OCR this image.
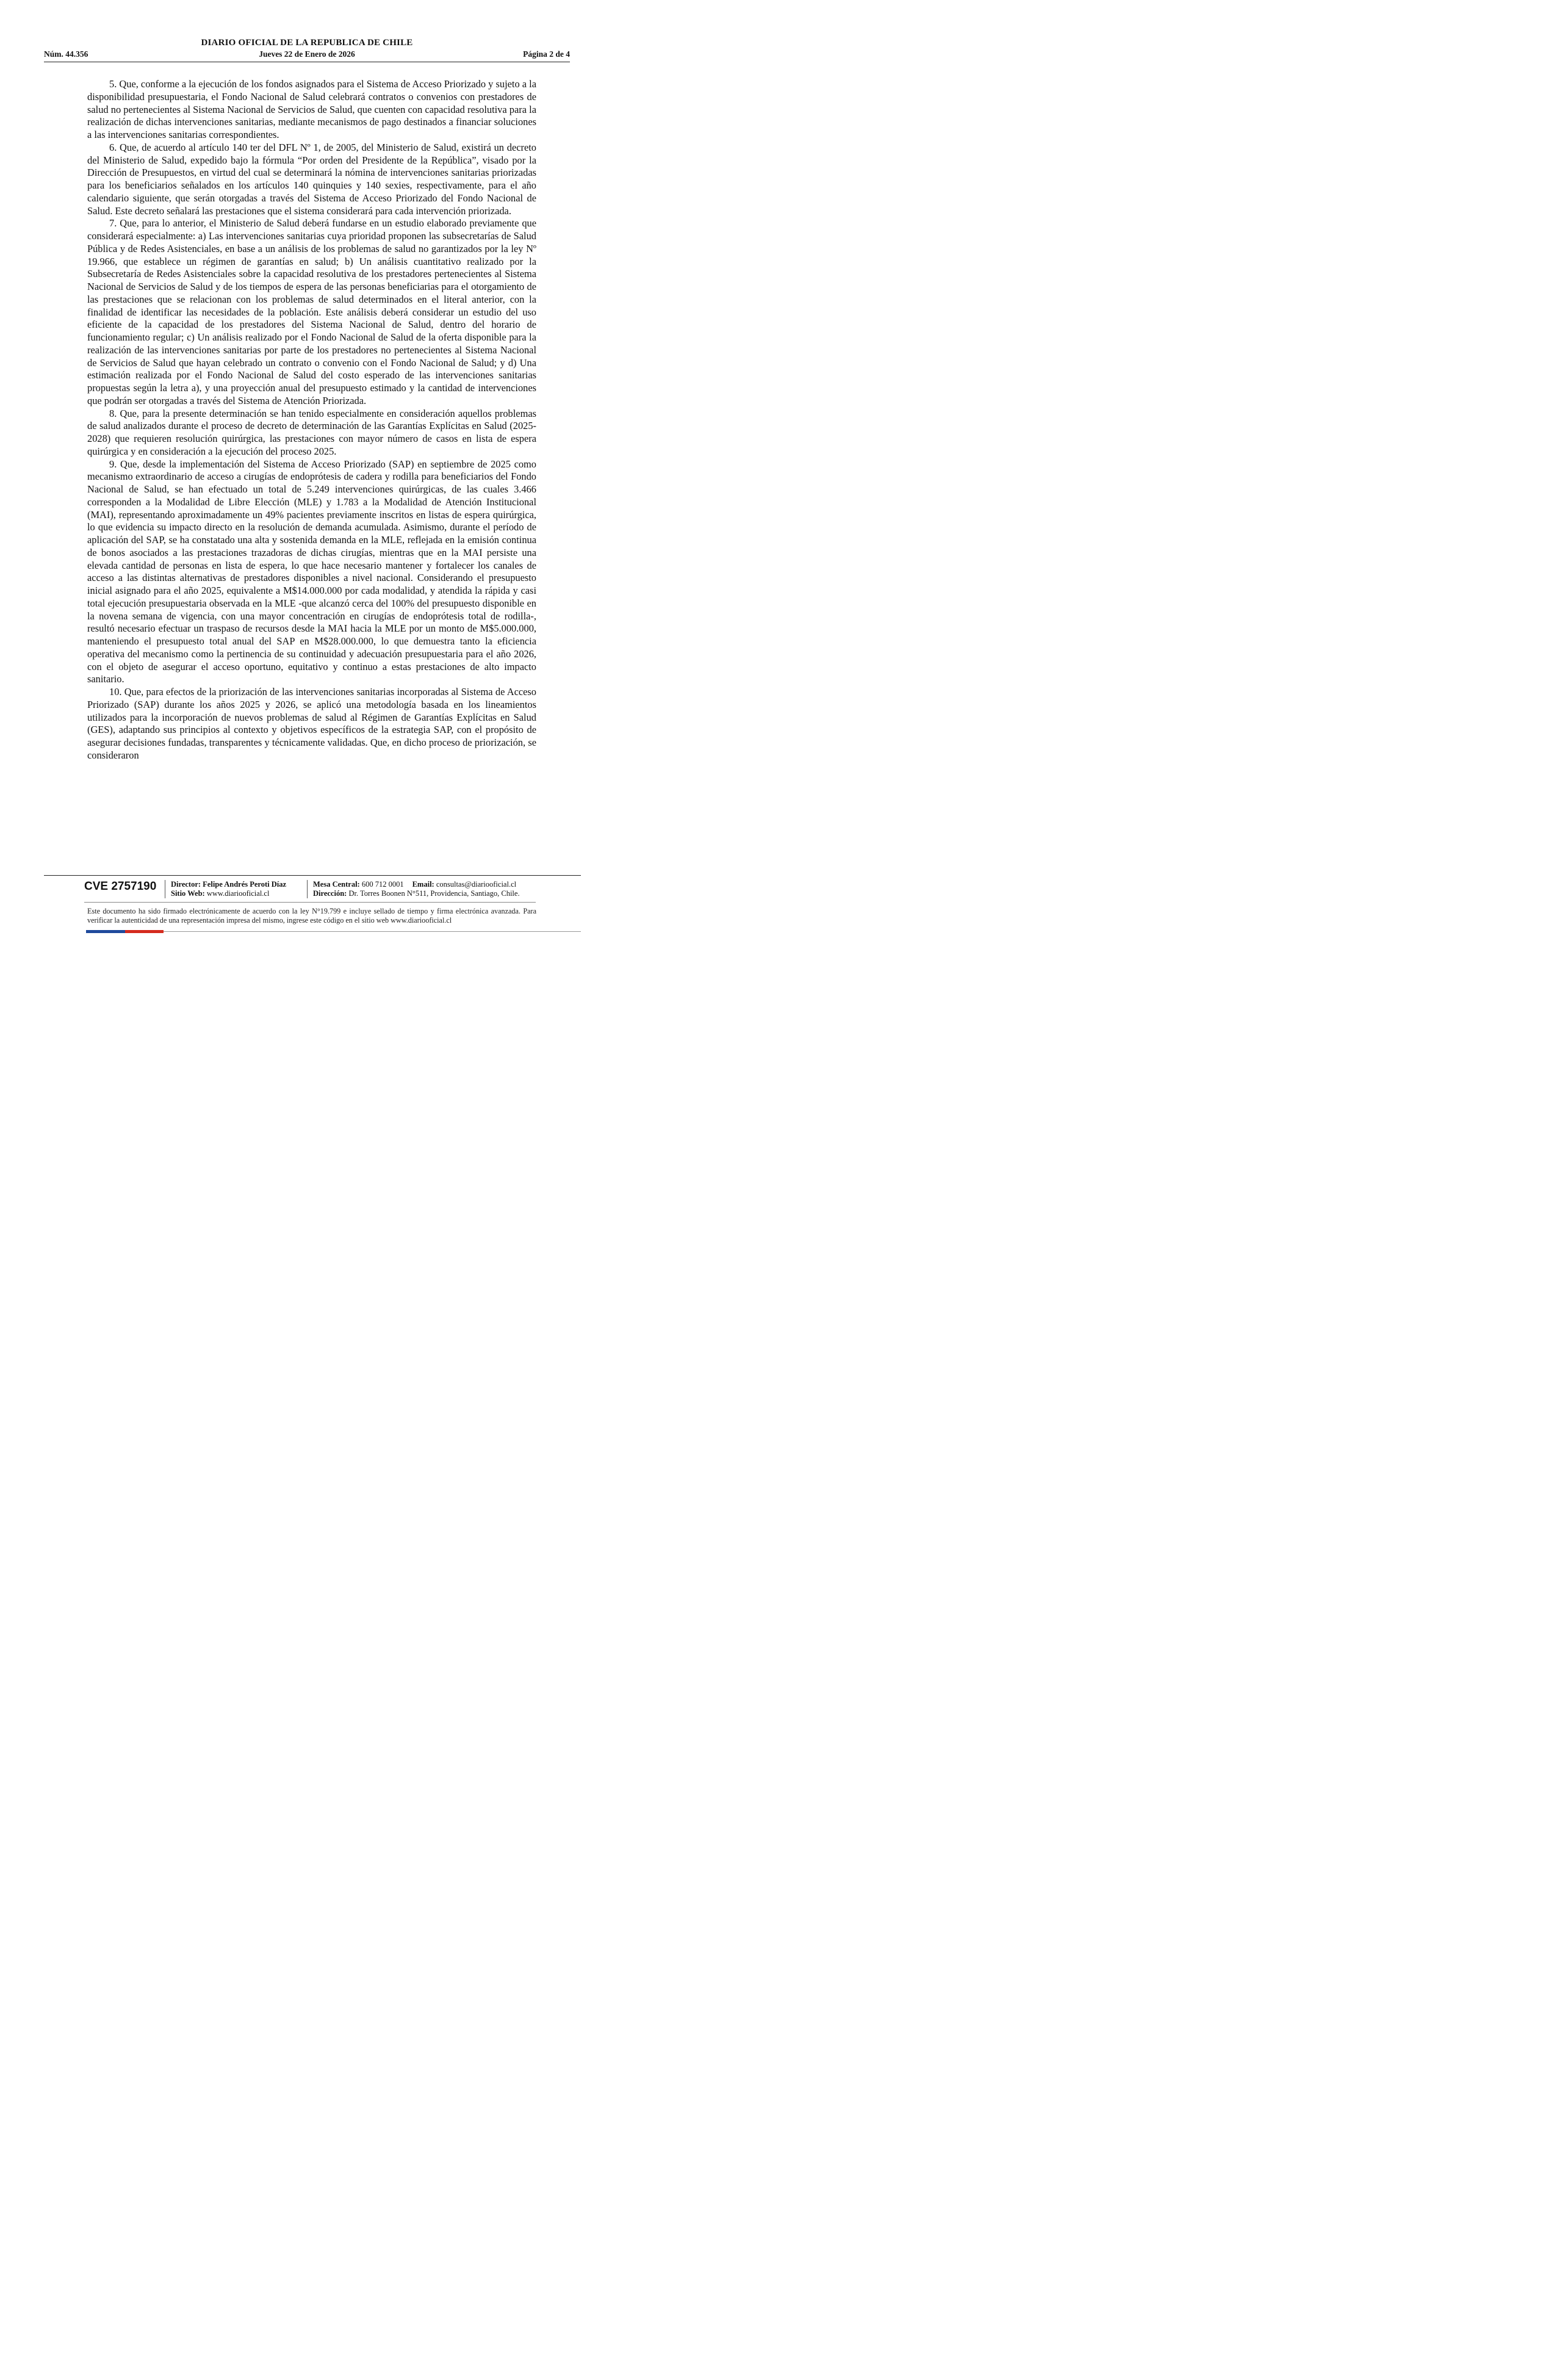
DIARIO OFICIAL DE LA REPUBLICA DE CHILE
Núm. 44.356	Jueves 22 de Enero de 2026	Página 2 de 4

5. Que, conforme a la ejecución de los fondos asignados para el Sistema de Acceso Priorizado y sujeto a la disponibilidad presupuestaria, el Fondo Nacional de Salud celebrará contratos o convenios con prestadores de salud no pertenecientes al Sistema Nacional de Servicios de Salud, que cuenten con capacidad resolutiva para la realización de dichas intervenciones sanitarias, mediante mecanismos de pago destinados a financiar soluciones a las intervenciones sanitarias correspondientes.

6. Que, de acuerdo al artículo 140 ter del DFL Nº 1, de 2005, del Ministerio de Salud, existirá un decreto del Ministerio de Salud, expedido bajo la fórmula “Por orden del Presidente de la República”, visado por la Dirección de Presupuestos, en virtud del cual se determinará la nómina de intervenciones sanitarias priorizadas para los beneficiarios señalados en los artículos 140 quinquies y 140 sexies, respectivamente, para el año calendario siguiente, que serán otorgadas a través del Sistema de Acceso Priorizado del Fondo Nacional de Salud. Este decreto señalará las prestaciones que el sistema considerará para cada intervención priorizada.

7. Que, para lo anterior, el Ministerio de Salud deberá fundarse en un estudio elaborado previamente que considerará especialmente: a) Las intervenciones sanitarias cuya prioridad proponen las subsecretarías de Salud Pública y de Redes Asistenciales, en base a un análisis de los problemas de salud no garantizados por la ley Nº 19.966, que establece un régimen de garantías en salud; b) Un análisis cuantitativo realizado por la Subsecretaría de Redes Asistenciales sobre la capacidad resolutiva de los prestadores pertenecientes al Sistema Nacional de Servicios de Salud y de los tiempos de espera de las personas beneficiarias para el otorgamiento de las prestaciones que se relacionan con los problemas de salud determinados en el literal anterior, con la finalidad de identificar las necesidades de la población. Este análisis deberá considerar un estudio del uso eficiente de la capacidad de los prestadores del Sistema Nacional de Salud, dentro del horario de funcionamiento regular; c) Un análisis realizado por el Fondo Nacional de Salud de la oferta disponible para la realización de las intervenciones sanitarias por parte de los prestadores no pertenecientes al Sistema Nacional de Servicios de Salud que hayan celebrado un contrato o convenio con el Fondo Nacional de Salud; y d) Una estimación realizada por el Fondo Nacional de Salud del costo esperado de las intervenciones sanitarias propuestas según la letra a), y una proyección anual del presupuesto estimado y la cantidad de intervenciones que podrán ser otorgadas a través del Sistema de Atención Priorizada.

8. Que, para la presente determinación se han tenido especialmente en consideración aquellos problemas de salud analizados durante el proceso de decreto de determinación de las Garantías Explícitas en Salud (2025-2028) que requieren resolución quirúrgica, las prestaciones con mayor número de casos en lista de espera quirúrgica y en consideración a la ejecución del proceso 2025.

9. Que, desde la implementación del Sistema de Acceso Priorizado (SAP) en septiembre de 2025 como mecanismo extraordinario de acceso a cirugías de endoprótesis de cadera y rodilla para beneficiarios del Fondo Nacional de Salud, se han efectuado un total de 5.249 intervenciones quirúrgicas, de las cuales 3.466 corresponden a la Modalidad de Libre Elección (MLE) y 1.783 a la Modalidad de Atención Institucional (MAI), representando aproximadamente un 49% pacientes previamente inscritos en listas de espera quirúrgica, lo que evidencia su impacto directo en la resolución de demanda acumulada. Asimismo, durante el período de aplicación del SAP, se ha constatado una alta y sostenida demanda en la MLE, reflejada en la emisión continua de bonos asociados a las prestaciones trazadoras de dichas cirugías, mientras que en la MAI persiste una elevada cantidad de personas en lista de espera, lo que hace necesario mantener y fortalecer los canales de acceso a las distintas alternativas de prestadores disponibles a nivel nacional. Considerando el presupuesto inicial asignado para el año 2025, equivalente a M$14.000.000 por cada modalidad, y atendida la rápida y casi total ejecución presupuestaria observada en la MLE -que alcanzó cerca del 100% del presupuesto disponible en la novena semana de vigencia, con una mayor concentración en cirugías de endoprótesis total de rodilla-, resultó necesario efectuar un traspaso de recursos desde la MAI hacia la MLE por un monto de M$5.000.000, manteniendo el presupuesto total anual del SAP en M$28.000.000, lo que demuestra tanto la eficiencia operativa del mecanismo como la pertinencia de su continuidad y adecuación presupuestaria para el año 2026, con el objeto de asegurar el acceso oportuno, equitativo y continuo a estas prestaciones de alto impacto sanitario.

10. Que, para efectos de la priorización de las intervenciones sanitarias incorporadas al Sistema de Acceso Priorizado (SAP) durante los años 2025 y 2026, se aplicó una metodología basada en los lineamientos utilizados para la incorporación de nuevos problemas de salud al Régimen de Garantías Explícitas en Salud (GES), adaptando sus principios al contexto y objetivos específicos de la estrategia SAP, con el propósito de asegurar decisiones fundadas, transparentes y técnicamente validadas. Que, en dicho proceso de priorización, se consideraron

CVE 2757190 Director: Felipe Andrés Peroti Díaz
Sitio Web: www.diariooficial.cl
Mesa Central: 600 712 0001 Email: consultas@diariooficial.cl
Dirección: Dr. Torres Boonen N°511, Providencia, Santiago, Chile.
Este documento ha sido firmado electrónicamente de acuerdo con la ley N°19.799 e incluye sellado de tiempo y firma electrónica avanzada. Para verificar la autenticidad de una representación impresa del mismo, ingrese este código en el sitio web www.diariooficial.cl
